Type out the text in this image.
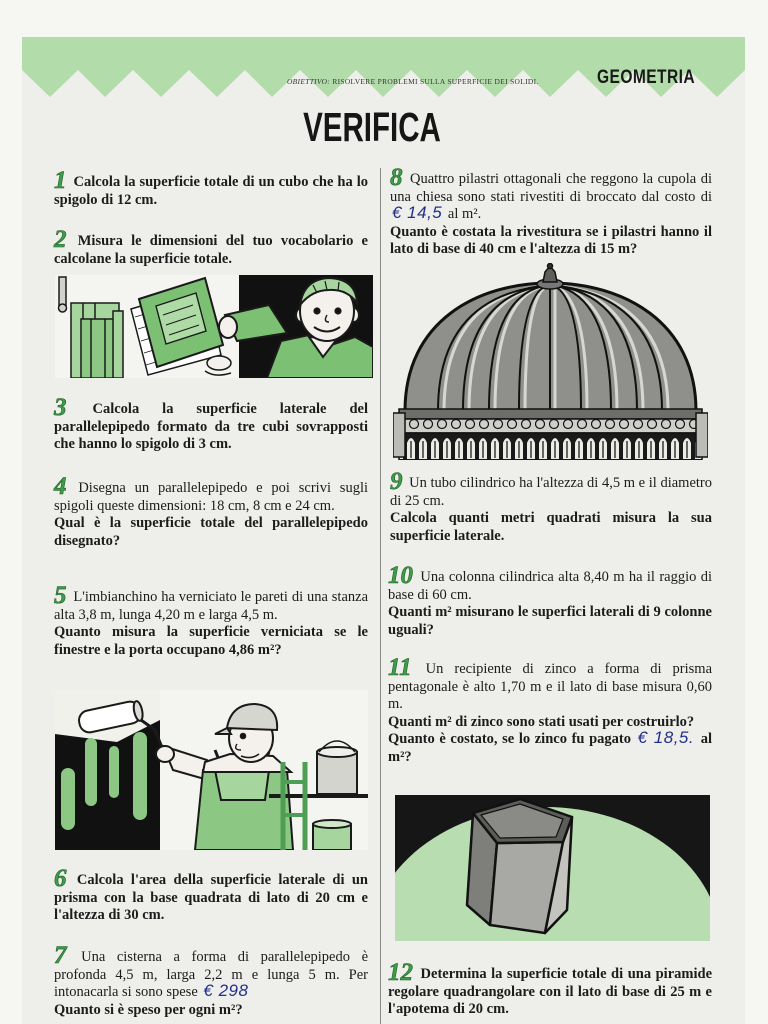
OBIETTIVO: RISOLVERE PROBLEMI SULLA SUPERFICIE DEI SOLIDI.	GEOMETRIA
VERIFICA

1 Calcola la superficie totale di un cubo che ha lo spigolo di 12 cm.

2 Misura le dimensioni del tuo vocabolario e calcolane la superficie totale.

3 Calcola la superficie laterale del parallelepipedo formato da tre cubi sovrapposti che hanno lo spigolo di 3 cm.

4 Disegna un parallelepipedo e poi scrivi sugli spigoli queste dimensioni: 18 cm, 8 cm e 24 cm.

Qual è la superficie totale del parallelepipedo disegnato?

5 L'imbianchino ha verniciato le pareti di una stanza alta 3,8 m, lunga 4,20 m e larga 4,5 m.

Quanto misura la superficie verniciata se le finestre e la porta occupano 4,86 m²?

6 Calcola l'area della superficie laterale di un prisma con la base quadrata di lato di 20 cm e l'altezza di 30 cm.

7 Una cisterna a forma di parallelepipedo è profonda 4,5 m, larga 2,2 m e lunga 5 m. Per intonacarla si sono spese € 298

Quanto si è speso per ogni m²?

8 Quattro pilastri ottagonali che reggono la cupola di una chiesa sono stati rivestiti di broccato dal costo di € 14,5 al m².

Quanto è costata la rivestitura se i pilastri hanno il lato di base di 40 cm e l'altezza di 15 m?

9 Un tubo cilindrico ha l'altezza di 4,5 m e il diametro di 25 cm.

Calcola quanti metri quadrati misura la sua superficie laterale.

10 Una colonna cilindrica alta 8,40 m ha il raggio di base di 60 cm.

Quanti m² misurano le superfici laterali di 9 colonne uguali?

11 Un recipiente di zinco a forma di prisma pentagonale è alto 1,70 m e il lato di base misura 0,60 m.

Quanti m² di zinco sono stati usati per costruirlo?

Quanto è costato, se lo zinco fu pagato € 18,5. al m²?

12 Determina la superficie totale di una piramide regolare quadrangolare con il lato di base di 25 m e l'apotema di 20 cm.
